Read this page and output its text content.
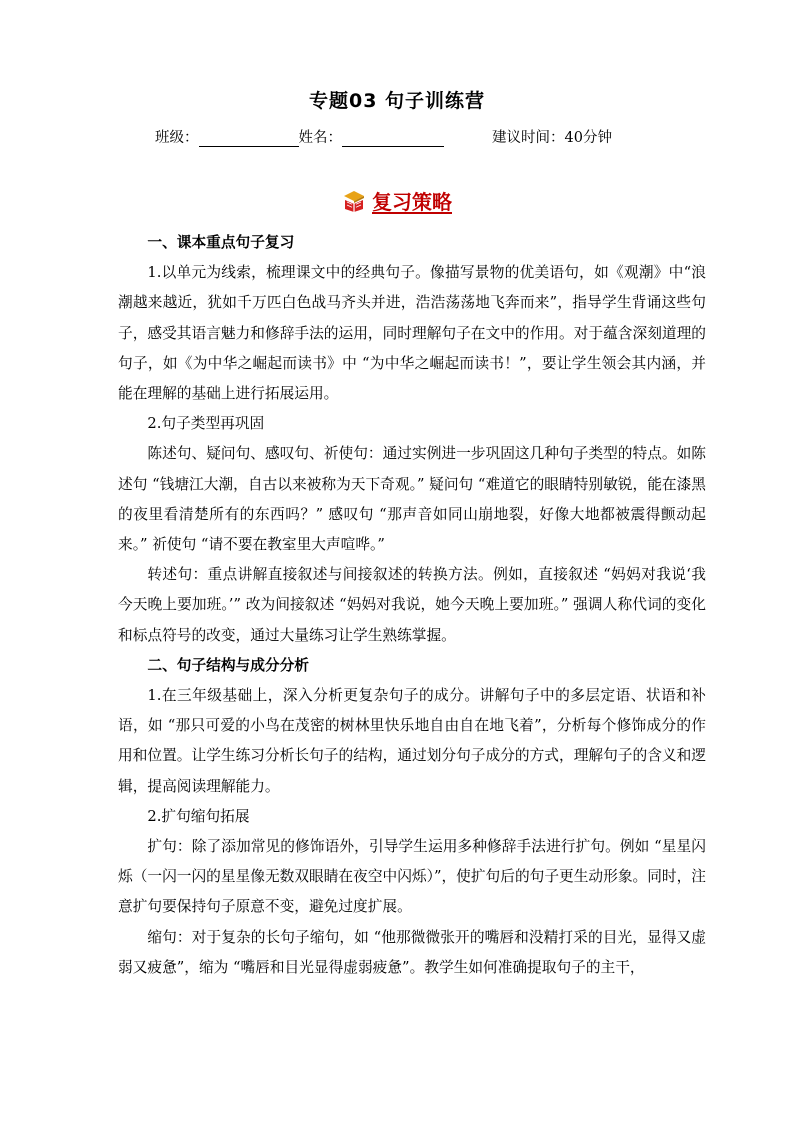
专题03 句子训练营
班级：	姓名：	建议时间：40分钟
复习策略

一、课本重点句子复习

1.以单元为线索，梳理课文中的经典句子。像描写景物的优美语句，如《观潮》中“浪潮越来越近，犹如千万匹白色战马齐头并进，浩浩荡荡地飞奔而来”，指导学生背诵这些句子，感受其语言魅力和修辞手法的运用，同时理解句子在文中的作用。对于蕴含深刻道理的句子，如《为中华之崛起而读书》中 “为中华之崛起而读书！”，要让学生领会其内涵，并能在理解的基础上进行拓展运用。

2.句子类型再巩固

陈述句、疑问句、感叹句、祈使句：通过实例进一步巩固这几种句子类型的特点。如陈述句 “钱塘江大潮，自古以来被称为天下奇观。” 疑问句 “难道它的眼睛特别敏锐，能在漆黑的夜里看清楚所有的东西吗？” 感叹句 “那声音如同山崩地裂，好像大地都被震得颤动起来。” 祈使句 “请不要在教室里大声喧哗。”

转述句：重点讲解直接叙述与间接叙述的转换方法。例如，直接叙述 “妈妈对我说‘我今天晚上要加班。’” 改为间接叙述 “妈妈对我说，她今天晚上要加班。” 强调人称代词的变化和标点符号的改变，通过大量练习让学生熟练掌握。

二、句子结构与成分分析

1.在三年级基础上，深入分析更复杂句子的成分。讲解句子中的多层定语、状语和补语，如 “那只可爱的小鸟在茂密的树林里快乐地自由自在地飞着”，分析每个修饰成分的作用和位置。让学生练习分析长句子的结构，通过划分句子成分的方式，理解句子的含义和逻辑，提高阅读理解能力。

2.扩句缩句拓展

扩句：除了添加常见的修饰语外，引导学生运用多种修辞手法进行扩句。例如 “星星闪烁（一闪一闪的星星像无数双眼睛在夜空中闪烁）”，使扩句后的句子更生动形象。同时，注意扩句要保持句子原意不变，避免过度扩展。

缩句：对于复杂的长句子缩句，如 “他那微微张开的嘴唇和没精打采的目光，显得又虚弱又疲惫”，缩为 “嘴唇和目光显得虚弱疲惫”。教学生如何准确提取句子的主干，
